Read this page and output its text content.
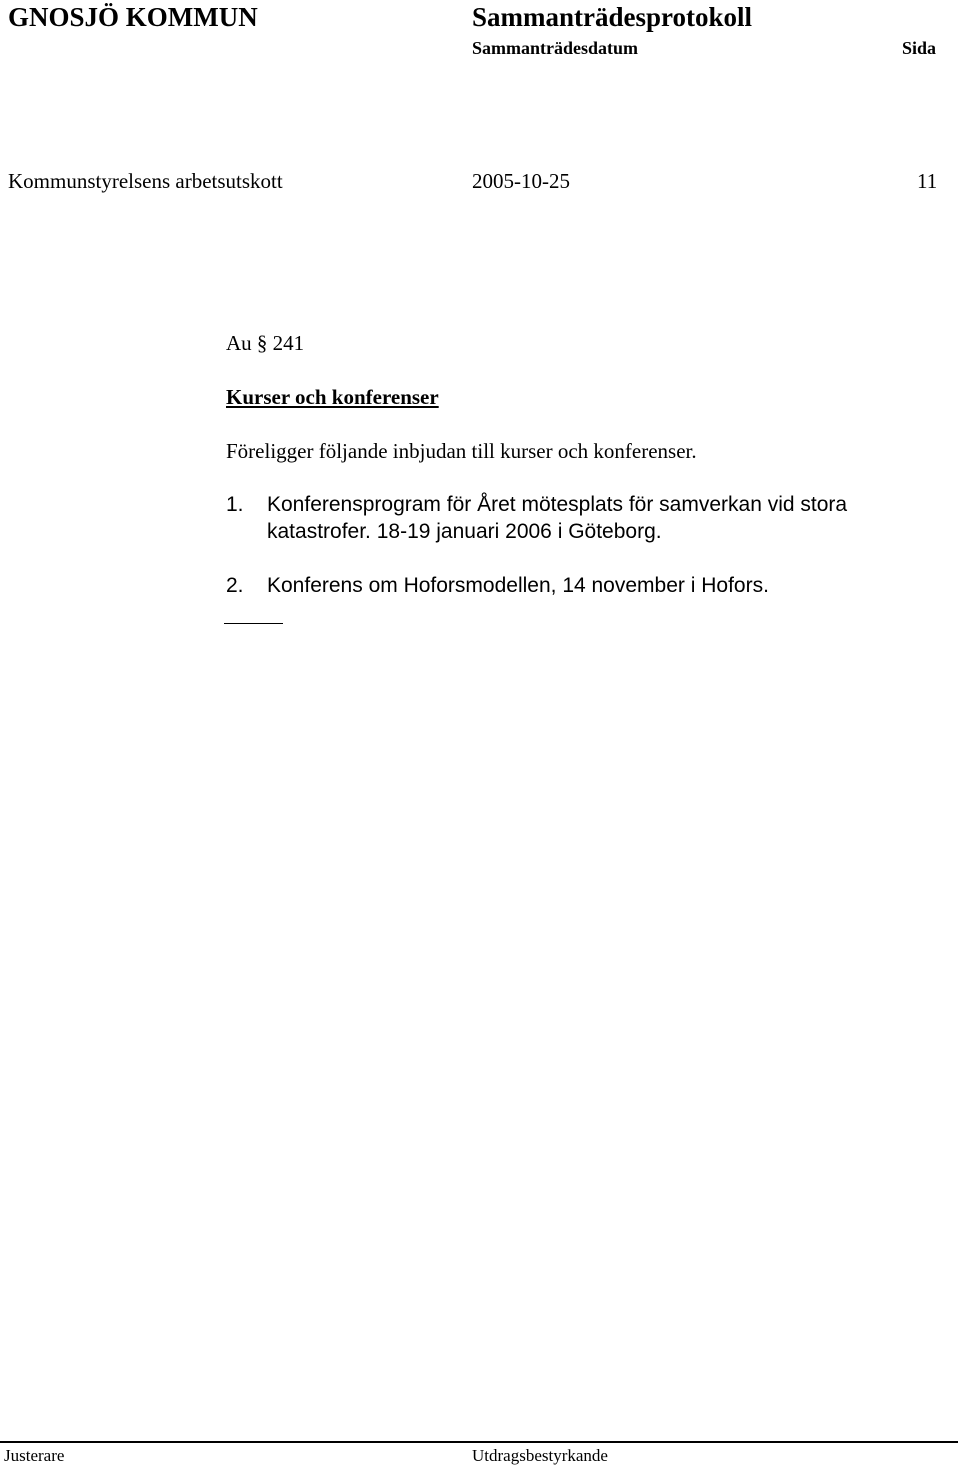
GNOSJÖ KOMMUN	Sammanträdesprotokoll
Sammanträdesdatum	Sida
Kommunstyrelsens arbetsutskott	2005-10-25	11
Au § 241
Kurser och konferenser
Föreligger följande inbjudan till kurser och konferenser.
1. Konferensprogram för Året mötesplats för samverkan vid stora
katastrofer. 18-19 januari 2006 i Göteborg.
2. Konferens om Hoforsmodellen, 14 november i Hofors.
Justerare	Utdragsbestyrkande
